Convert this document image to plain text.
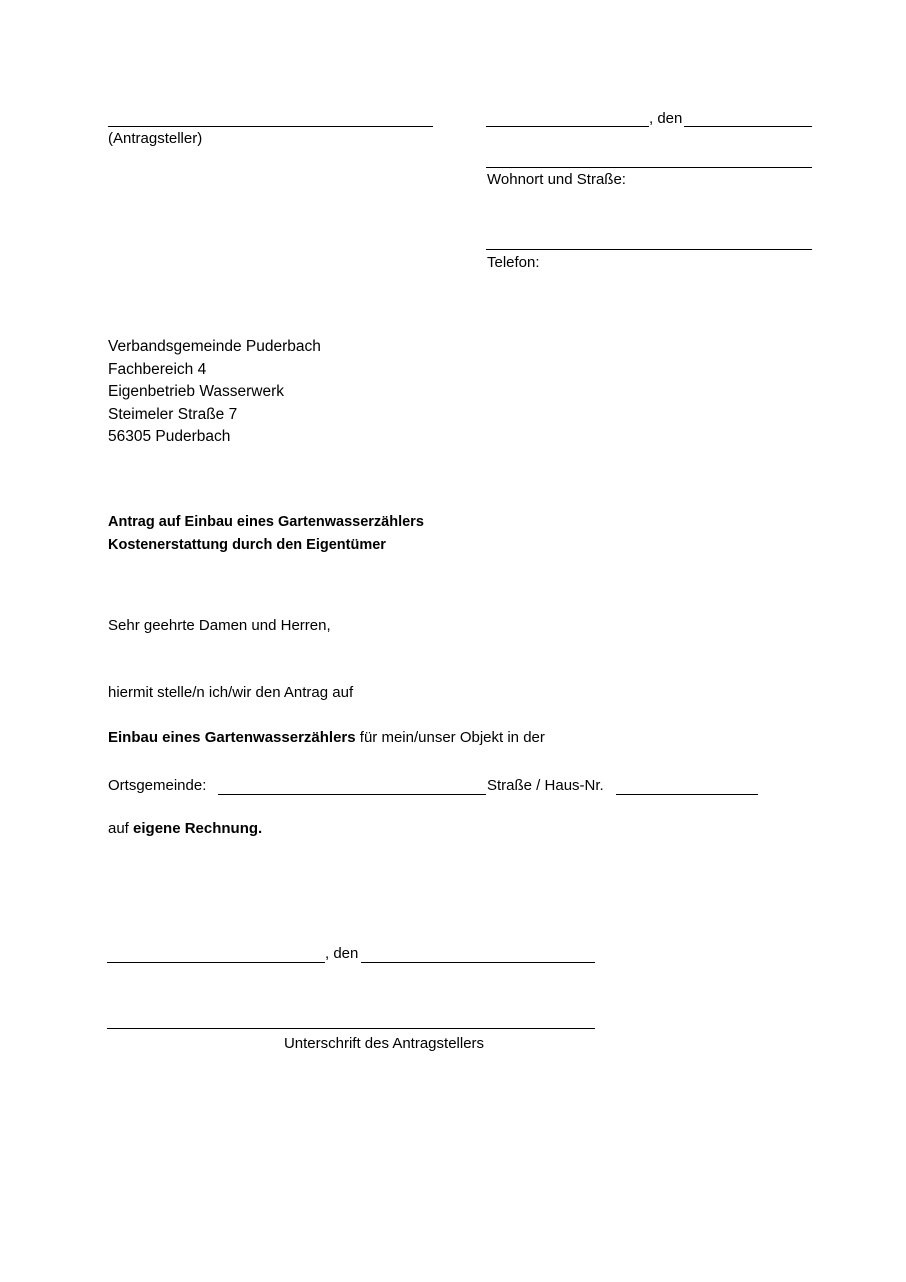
(Antragsteller)
, den
Wohnort und Straße:
Telefon:
Verbandsgemeinde Puderbach
Fachbereich 4
Eigenbetrieb Wasserwerk
Steimeler Straße 7
56305 Puderbach
Antrag auf Einbau eines Gartenwasserzählers
Kostenerstattung durch den Eigentümer
Sehr geehrte Damen und Herren,
hiermit stelle/n ich/wir den Antrag auf
Einbau eines Gartenwasserzählers für mein/unser Objekt in der
Ortsgemeinde:	Straße / Haus-Nr.
auf eigene Rechnung.
, den
Unterschrift des Antragstellers
